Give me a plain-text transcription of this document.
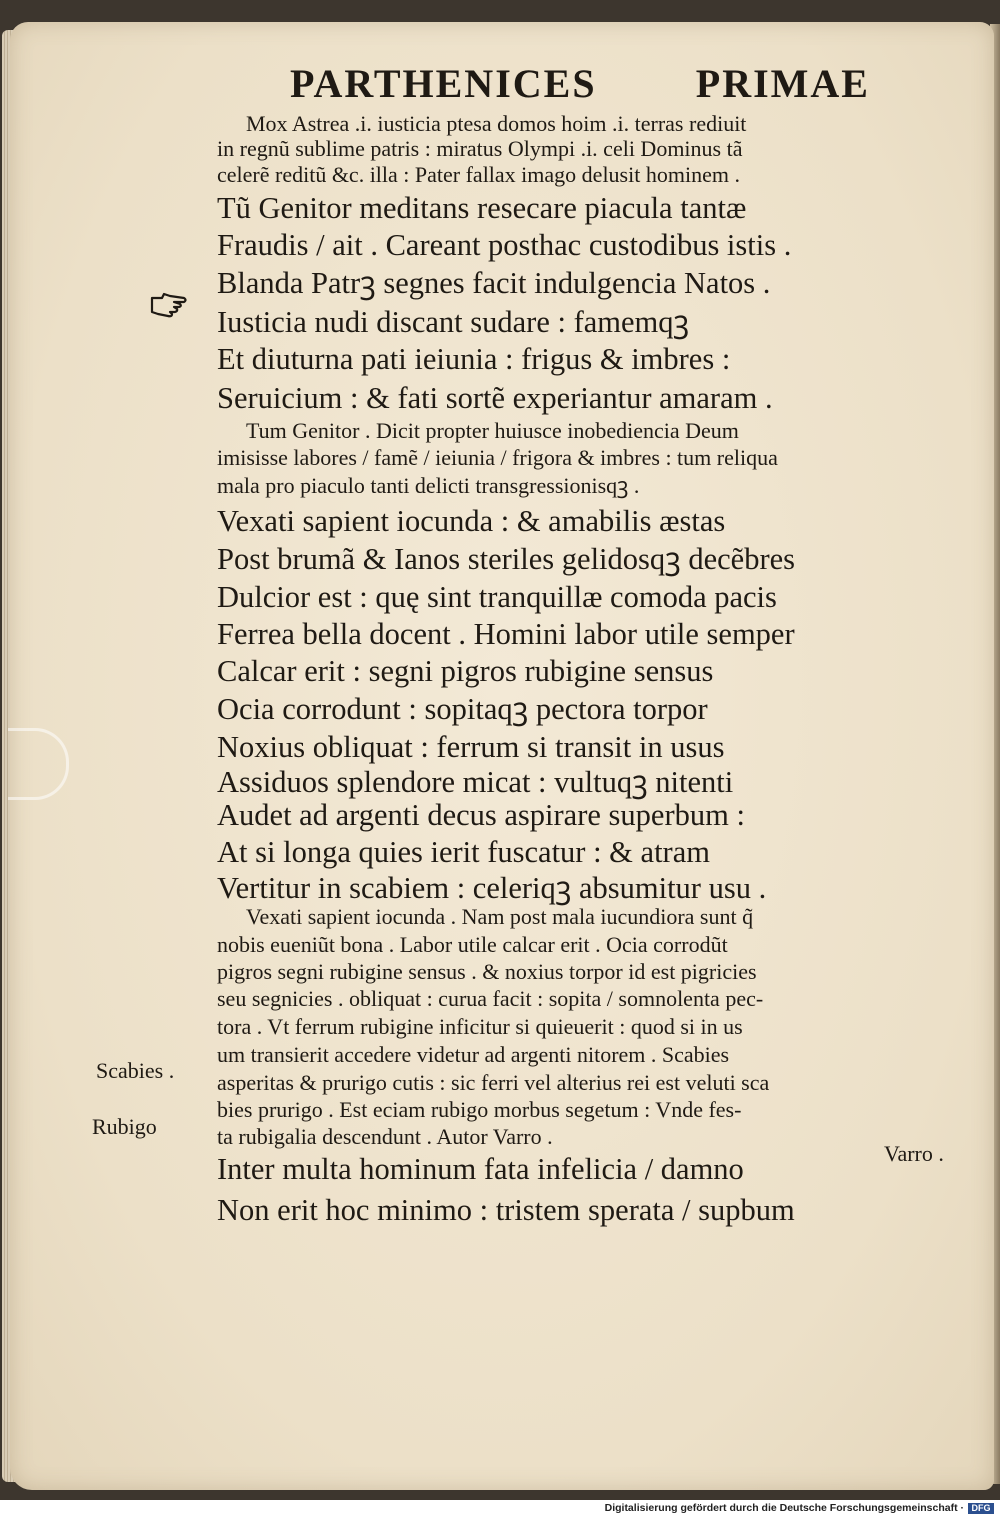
PARTHENICES PRIMAE
Mox Astrea .i. iusticia ptesa domos hoim .i. terras rediuit
in regnũ sublime patris : miratus Olympi .i. celi Dominus tã
celerẽ reditũ &c. illa : Pater fallax imago delusit hominem .
Tũ Genitor meditans resecare piacula tantæ
Fraudis / ait . Careant posthac custodibus istis .
Blanda Patrꝫ segnes facit indulgencia Natos .
Iusticia nudi discant sudare : famemqꝫ
Et diuturna pati ieiunia : frigus & imbres :
Seruicium : & fati sortẽ experiantur amaram .
Tum Genitor . Dicit propter huiusce inobediencia Deum
imisisse labores / famẽ / ieiunia / frigora & imbres : tum reliqua
mala pro piaculo tanti delicti transgressionisqꝫ .
Vexati sapient iocunda : & amabilis æstas
Post brumã & Ianos steriles gelidosqꝫ decẽbres
Dulcior est : quę sint tranquillæ comoda pacis
Ferrea bella docent . Homini labor utile semper
Calcar erit : segni pigros rubigine sensus
Ocia corrodunt : sopitaqꝫ pectora torpor
Noxius obliquat : ferrum si transit in usus
Assiduos splendore micat : vultuqꝫ nitenti
Audet ad argenti decus aspirare superbum :
At si longa quies ierit fuscatur : & atram
Vertitur in scabiem : celeriqꝫ absumitur usu .
Vexati sapient iocunda . Nam post mala iucundiora sunt q̃
nobis eueniũt bona . Labor utile calcar erit . Ocia corrodũt
pigros segni rubigine sensus . & noxius torpor id est pigricies
seu segnicies . obliquat : curua facit : sopita / somnolenta pec-
tora . Vt ferrum rubigine inficitur si quieuerit : quod si in us
um transierit accedere videtur ad argenti nitorem . Scabies
asperitas & prurigo cutis : sic ferri vel alterius rei est veluti sca
bies prurigo . Est eciam rubigo morbus segetum : Vnde fes-
ta rubigalia descendunt . Autor Varro .
Inter multa hominum fata infelicia / damno
Non erit hoc minimo : tristem sperata / supbum
Scabies .
Rubigo
Varro .
Digitalisierung gefördert durch die Deutsche Forschungsgemeinschaft · DFG
